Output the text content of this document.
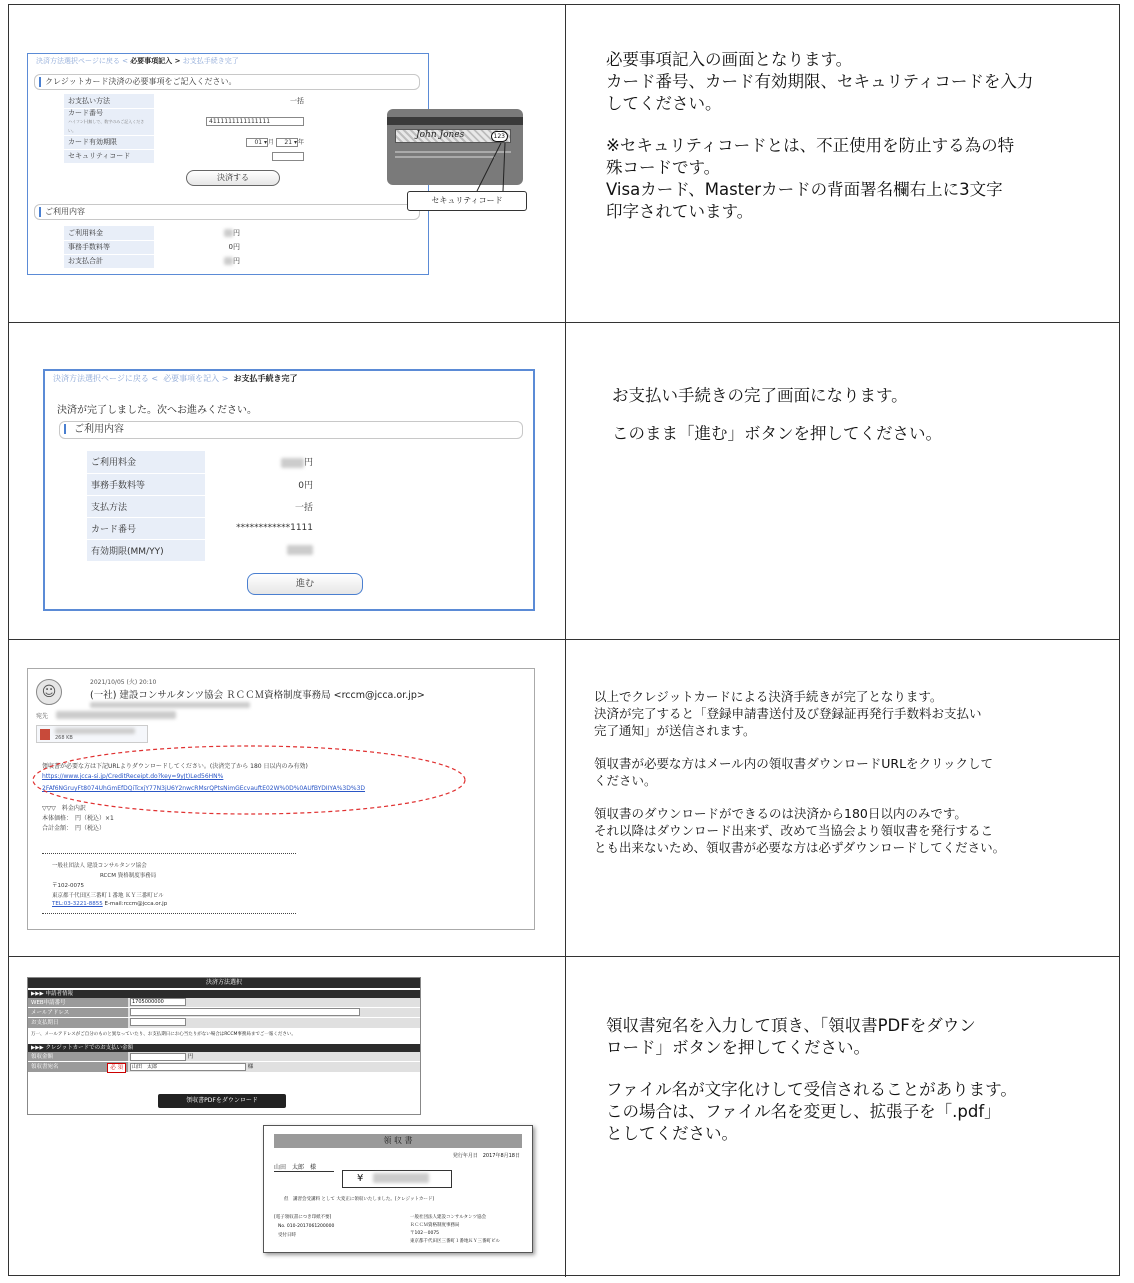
決済方法選択ページに戻る < 必要事項記入 > お支払手続き完了
クレジットカード決済の必要事項をご記入ください。
お支払い方法	一括
カード番号
ハイフン(-)無しで、数字のみご記入ください。	4111111111111111
カード有効期限	01 ▾月 21 ▾年
セキュリティコード	
決済する
ご利用内容
ご利用料金	円
事務手数料等	0円
お支払合計	円
John Jones	123
セキュリティコード

必要事項記入の画面となります。

カード番号、カード有効期限、セキュリティコードを入力

してください。

※セキュリティコードとは、不正使用を防止する為の特

殊コードです。

Visaカード、Masterカードの背面署名欄右上に3文字

印字されています。

決済方法選択ページに戻る < 必要事項を記入 > お支払手続き完了
決済が完了しました。次へお進みください。
ご利用内容
ご利用料金	円
事務手数料等	0円
支払方法	一括
カード番号	************1111
有効期限(MM/YY)	
進む

お支払い手続きの完了画面になります。

このまま「進む」ボタンを押してください。

☺
2021/10/05 (火) 20:10
(一社) 建設コンサルタンツ協会 ＲＣＣＭ資格制度事務局 <rccm@jcca.or.jp>
宛先
268 KB
領収書が必要な方は下記URLよりダウンロードしてください。(決済完了から 180 日以内のみ有効)
https://www.jcca-si.jp/CreditReceipt.do?key=9yJt)Led56HN%
2FAf6NGruyFt8074UhGmEfDQiTcxjY77N3jU6Y2nwcRMsrQPtsNimGEcvauftE02W%0D%0AUfBYDIIYA%3D%3D
▽▽▽　料金内訳
本体価格：　円（税込）×1
合計金額：　円（税込）
一般社団法人 建設コンサルタンツ協会
RCCM 資格制度事務局
〒102-0075
東京都千代田区三番町１番地 ＫＹ三番町ビル
TEL:03-3221-8855 E-mail:rccm@jcca.or.jp

以上でクレジットカードによる決済手続きが完了となります。

決済が完了すると「登録申請書送付及び登録証再発行手数料お支払い

完了通知」が送信されます。

領収書が必要な方はメール内の領収書ダウンロードURLをクリックして

ください。

領収書のダウンロードができるのは決済から180日以内のみです。

それ以降はダウンロード出来ず、改めて当協会より領収書を発行するこ

とも出来ないため、領収書が必要な方は必ずダウンロードしてください。

決済方法選択
▶▶▶ 申請者情報
WEB申請番号	1705000000
メールアドレス
お支払期日
万一、メールアドレスがご自分のものと異なっていたり、お支払期日にお心当たりがない場合はRCCM事務局までご一報ください。
▶▶▶ クレジットカードでのお支払い金額
領収金額	円
領収書宛名	必 須	山田　太郎	様
領収書PDFをダウンロード
領 収 書
発行年月日 2017年8月18日
山田　太郎　様
¥
但　講習会受講料 として 大変正に領収いたしました。[クレジットカード]
[電子領収書につき印紙不要]
No. 010-2017061200000
受付日時
一般社団法人建設コンサルタンツ協会
ＲＣＣＭ資格制度事務局
〒102－0075
東京都千代田区三番町１番地ＫＹ三番町ビル

領収書宛名を入力して頂き、「領収書PDFをダウン

ロード」ボタンを押してください。

ファイル名が文字化けして受信されることがあります。

この場合は、ファイル名を変更し、拡張子を「.pdf」

としてください。
